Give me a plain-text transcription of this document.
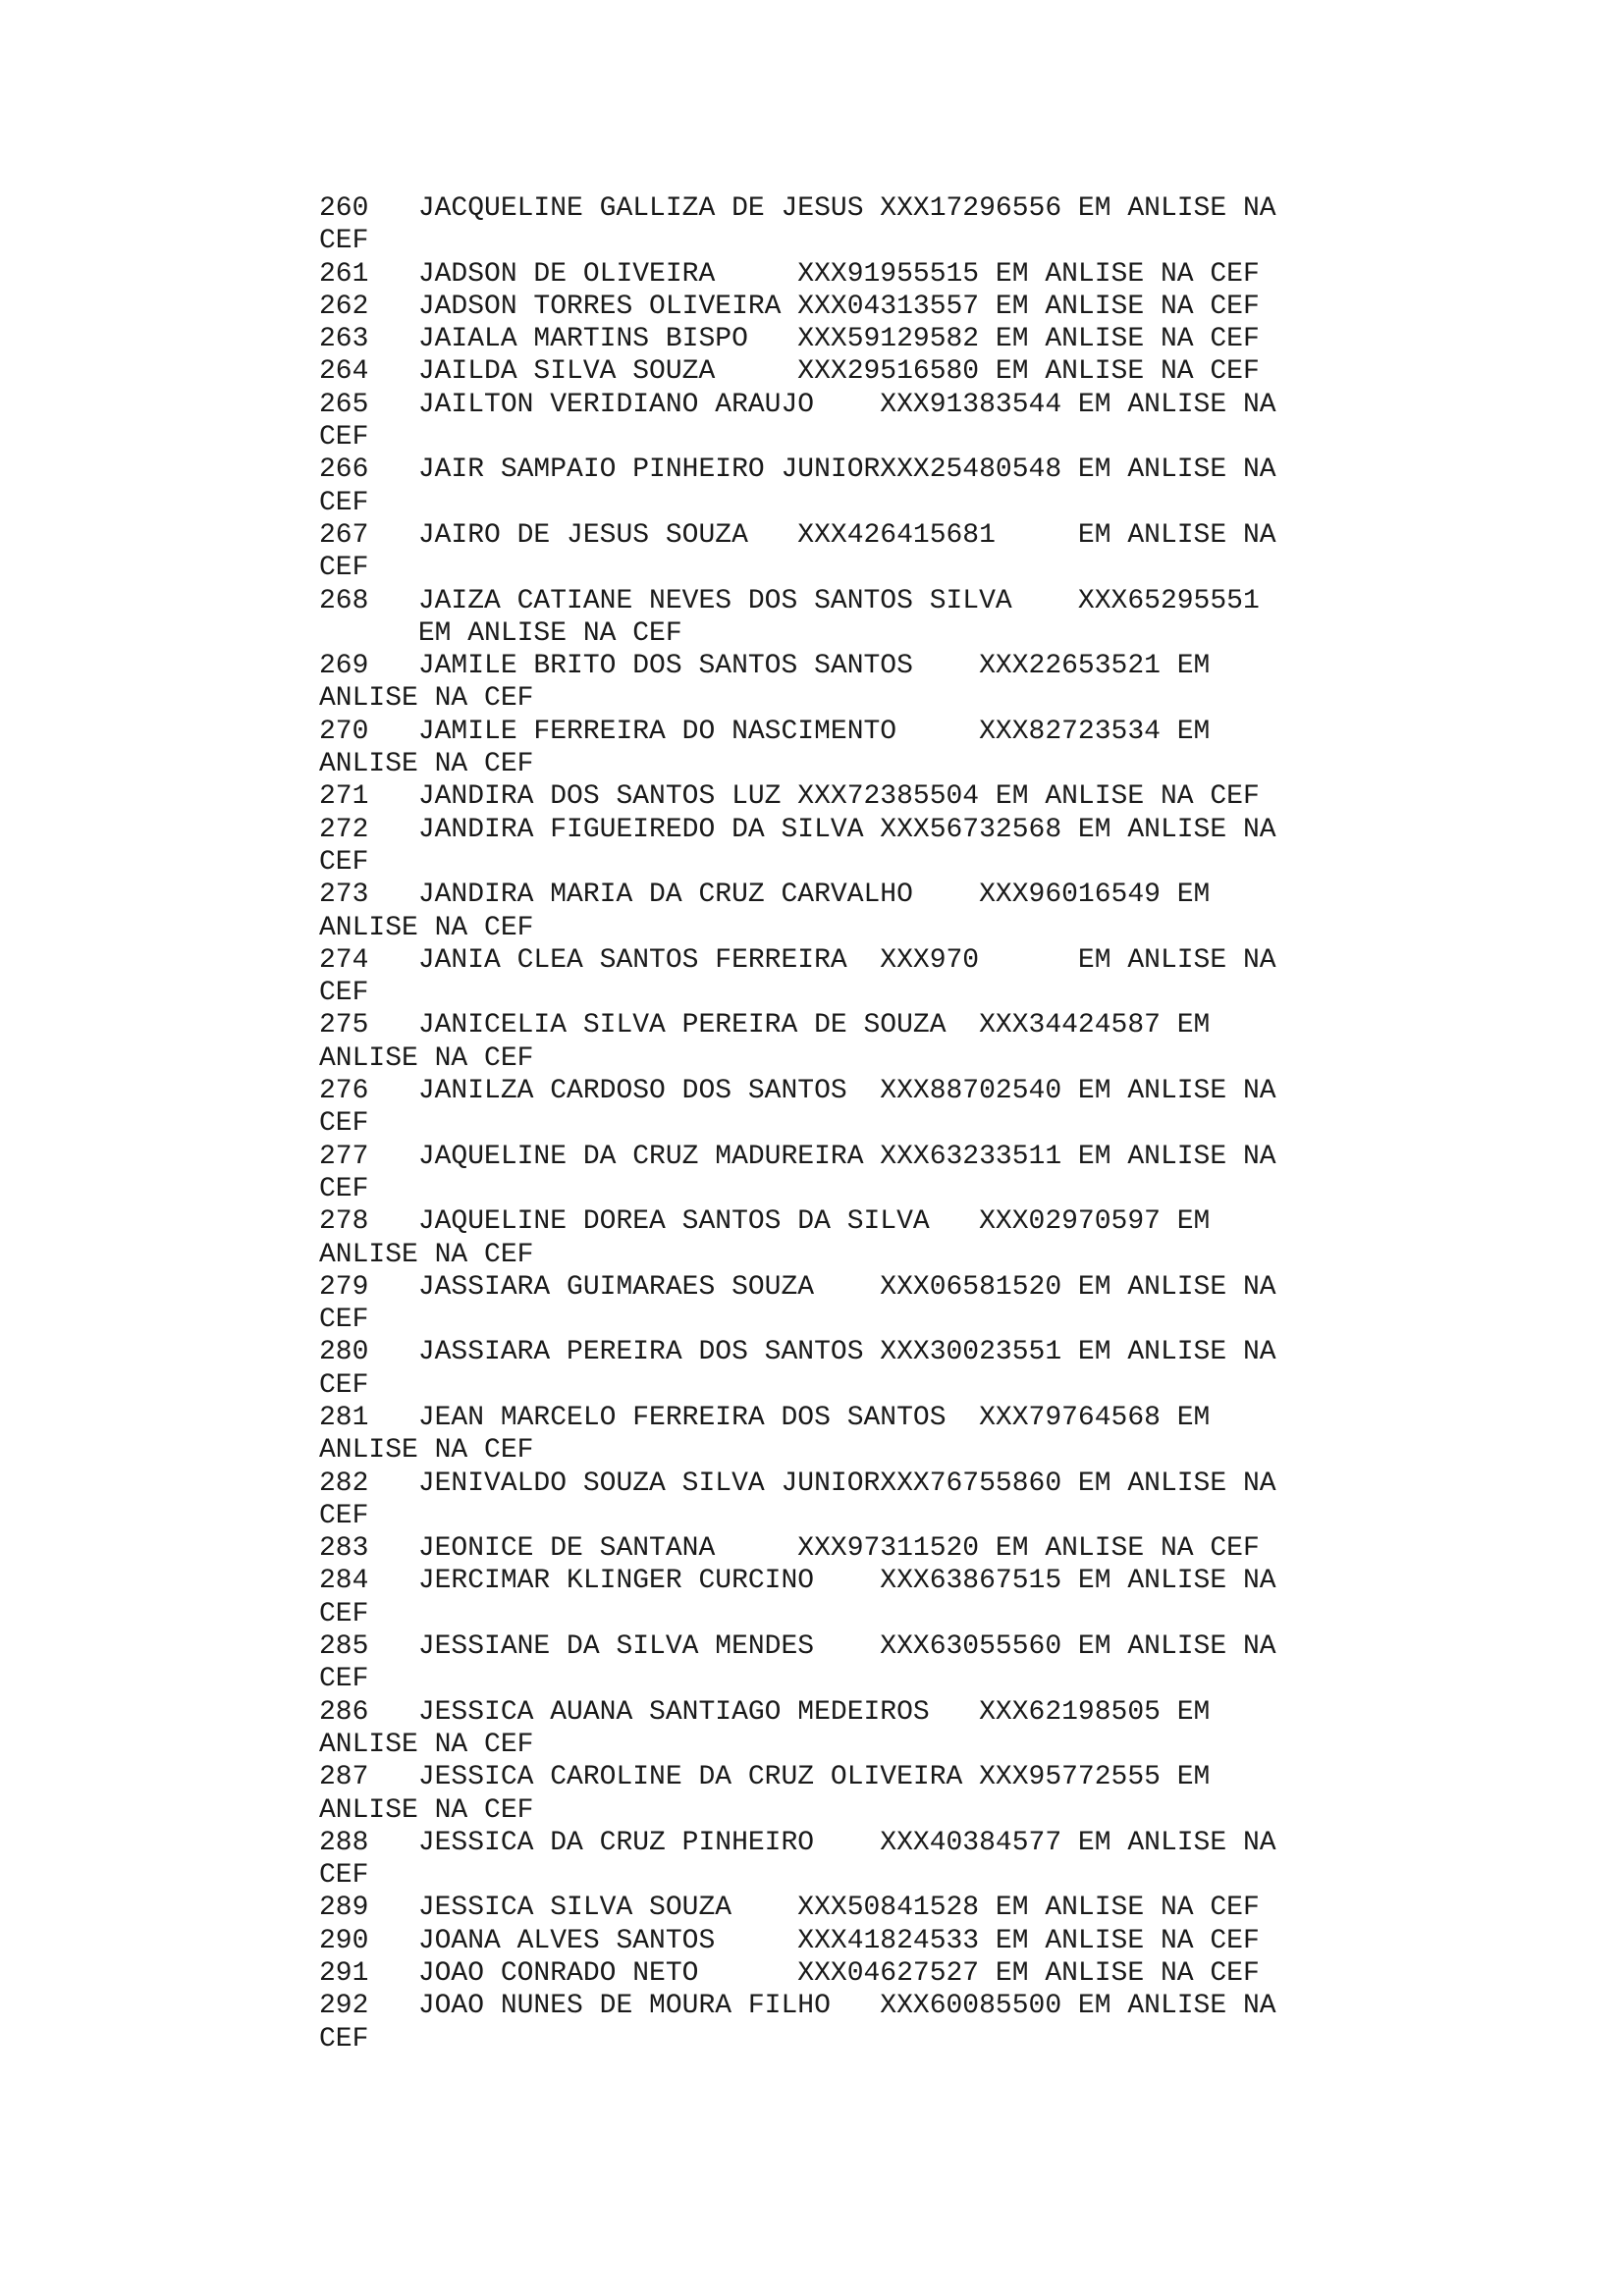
260   JACQUELINE GALLIZA DE JESUS XXX17296556 EM ANLISE NA
CEF
261   JADSON DE OLIVEIRA     XXX91955515 EM ANLISE NA CEF
262   JADSON TORRES OLIVEIRA XXX04313557 EM ANLISE NA CEF
263   JAIALA MARTINS BISPO   XXX59129582 EM ANLISE NA CEF
264   JAILDA SILVA SOUZA     XXX29516580 EM ANLISE NA CEF
265   JAILTON VERIDIANO ARAUJO    XXX91383544 EM ANLISE NA
CEF
266   JAIR SAMPAIO PINHEIRO JUNIORXXX25480548 EM ANLISE NA
CEF
267   JAIRO DE JESUS SOUZA   XXX426415681     EM ANLISE NA
CEF
268   JAIZA CATIANE NEVES DOS SANTOS SILVA    XXX65295551
EM ANLISE NA CEF
269   JAMILE BRITO DOS SANTOS SANTOS    XXX22653521 EM
ANLISE NA CEF
270   JAMILE FERREIRA DO NASCIMENTO     XXX82723534 EM
ANLISE NA CEF
271   JANDIRA DOS SANTOS LUZ XXX72385504 EM ANLISE NA CEF
272   JANDIRA FIGUEIREDO DA SILVA XXX56732568 EM ANLISE NA
CEF
273   JANDIRA MARIA DA CRUZ CARVALHO    XXX96016549 EM
ANLISE NA CEF
274   JANIA CLEA SANTOS FERREIRA  XXX970      EM ANLISE NA
CEF
275   JANICELIA SILVA PEREIRA DE SOUZA  XXX34424587 EM
ANLISE NA CEF
276   JANILZA CARDOSO DOS SANTOS  XXX88702540 EM ANLISE NA
CEF
277   JAQUELINE DA CRUZ MADUREIRA XXX63233511 EM ANLISE NA
CEF
278   JAQUELINE DOREA SANTOS DA SILVA   XXX02970597 EM
ANLISE NA CEF
279   JASSIARA GUIMARAES SOUZA    XXX06581520 EM ANLISE NA
CEF
280   JASSIARA PEREIRA DOS SANTOS XXX30023551 EM ANLISE NA
CEF
281   JEAN MARCELO FERREIRA DOS SANTOS  XXX79764568 EM
ANLISE NA CEF
282   JENIVALDO SOUZA SILVA JUNIORXXX76755860 EM ANLISE NA
CEF
283   JEONICE DE SANTANA     XXX97311520 EM ANLISE NA CEF
284   JERCIMAR KLINGER CURCINO    XXX63867515 EM ANLISE NA
CEF
285   JESSIANE DA SILVA MENDES    XXX63055560 EM ANLISE NA
CEF
286   JESSICA AUANA SANTIAGO MEDEIROS   XXX62198505 EM
ANLISE NA CEF
287   JESSICA CAROLINE DA CRUZ OLIVEIRA XXX95772555 EM
ANLISE NA CEF
288   JESSICA DA CRUZ PINHEIRO    XXX40384577 EM ANLISE NA
CEF
289   JESSICA SILVA SOUZA    XXX50841528 EM ANLISE NA CEF
290   JOANA ALVES SANTOS     XXX41824533 EM ANLISE NA CEF
291   JOAO CONRADO NETO      XXX04627527 EM ANLISE NA CEF
292   JOAO NUNES DE MOURA FILHO   XXX60085500 EM ANLISE NA
CEF
